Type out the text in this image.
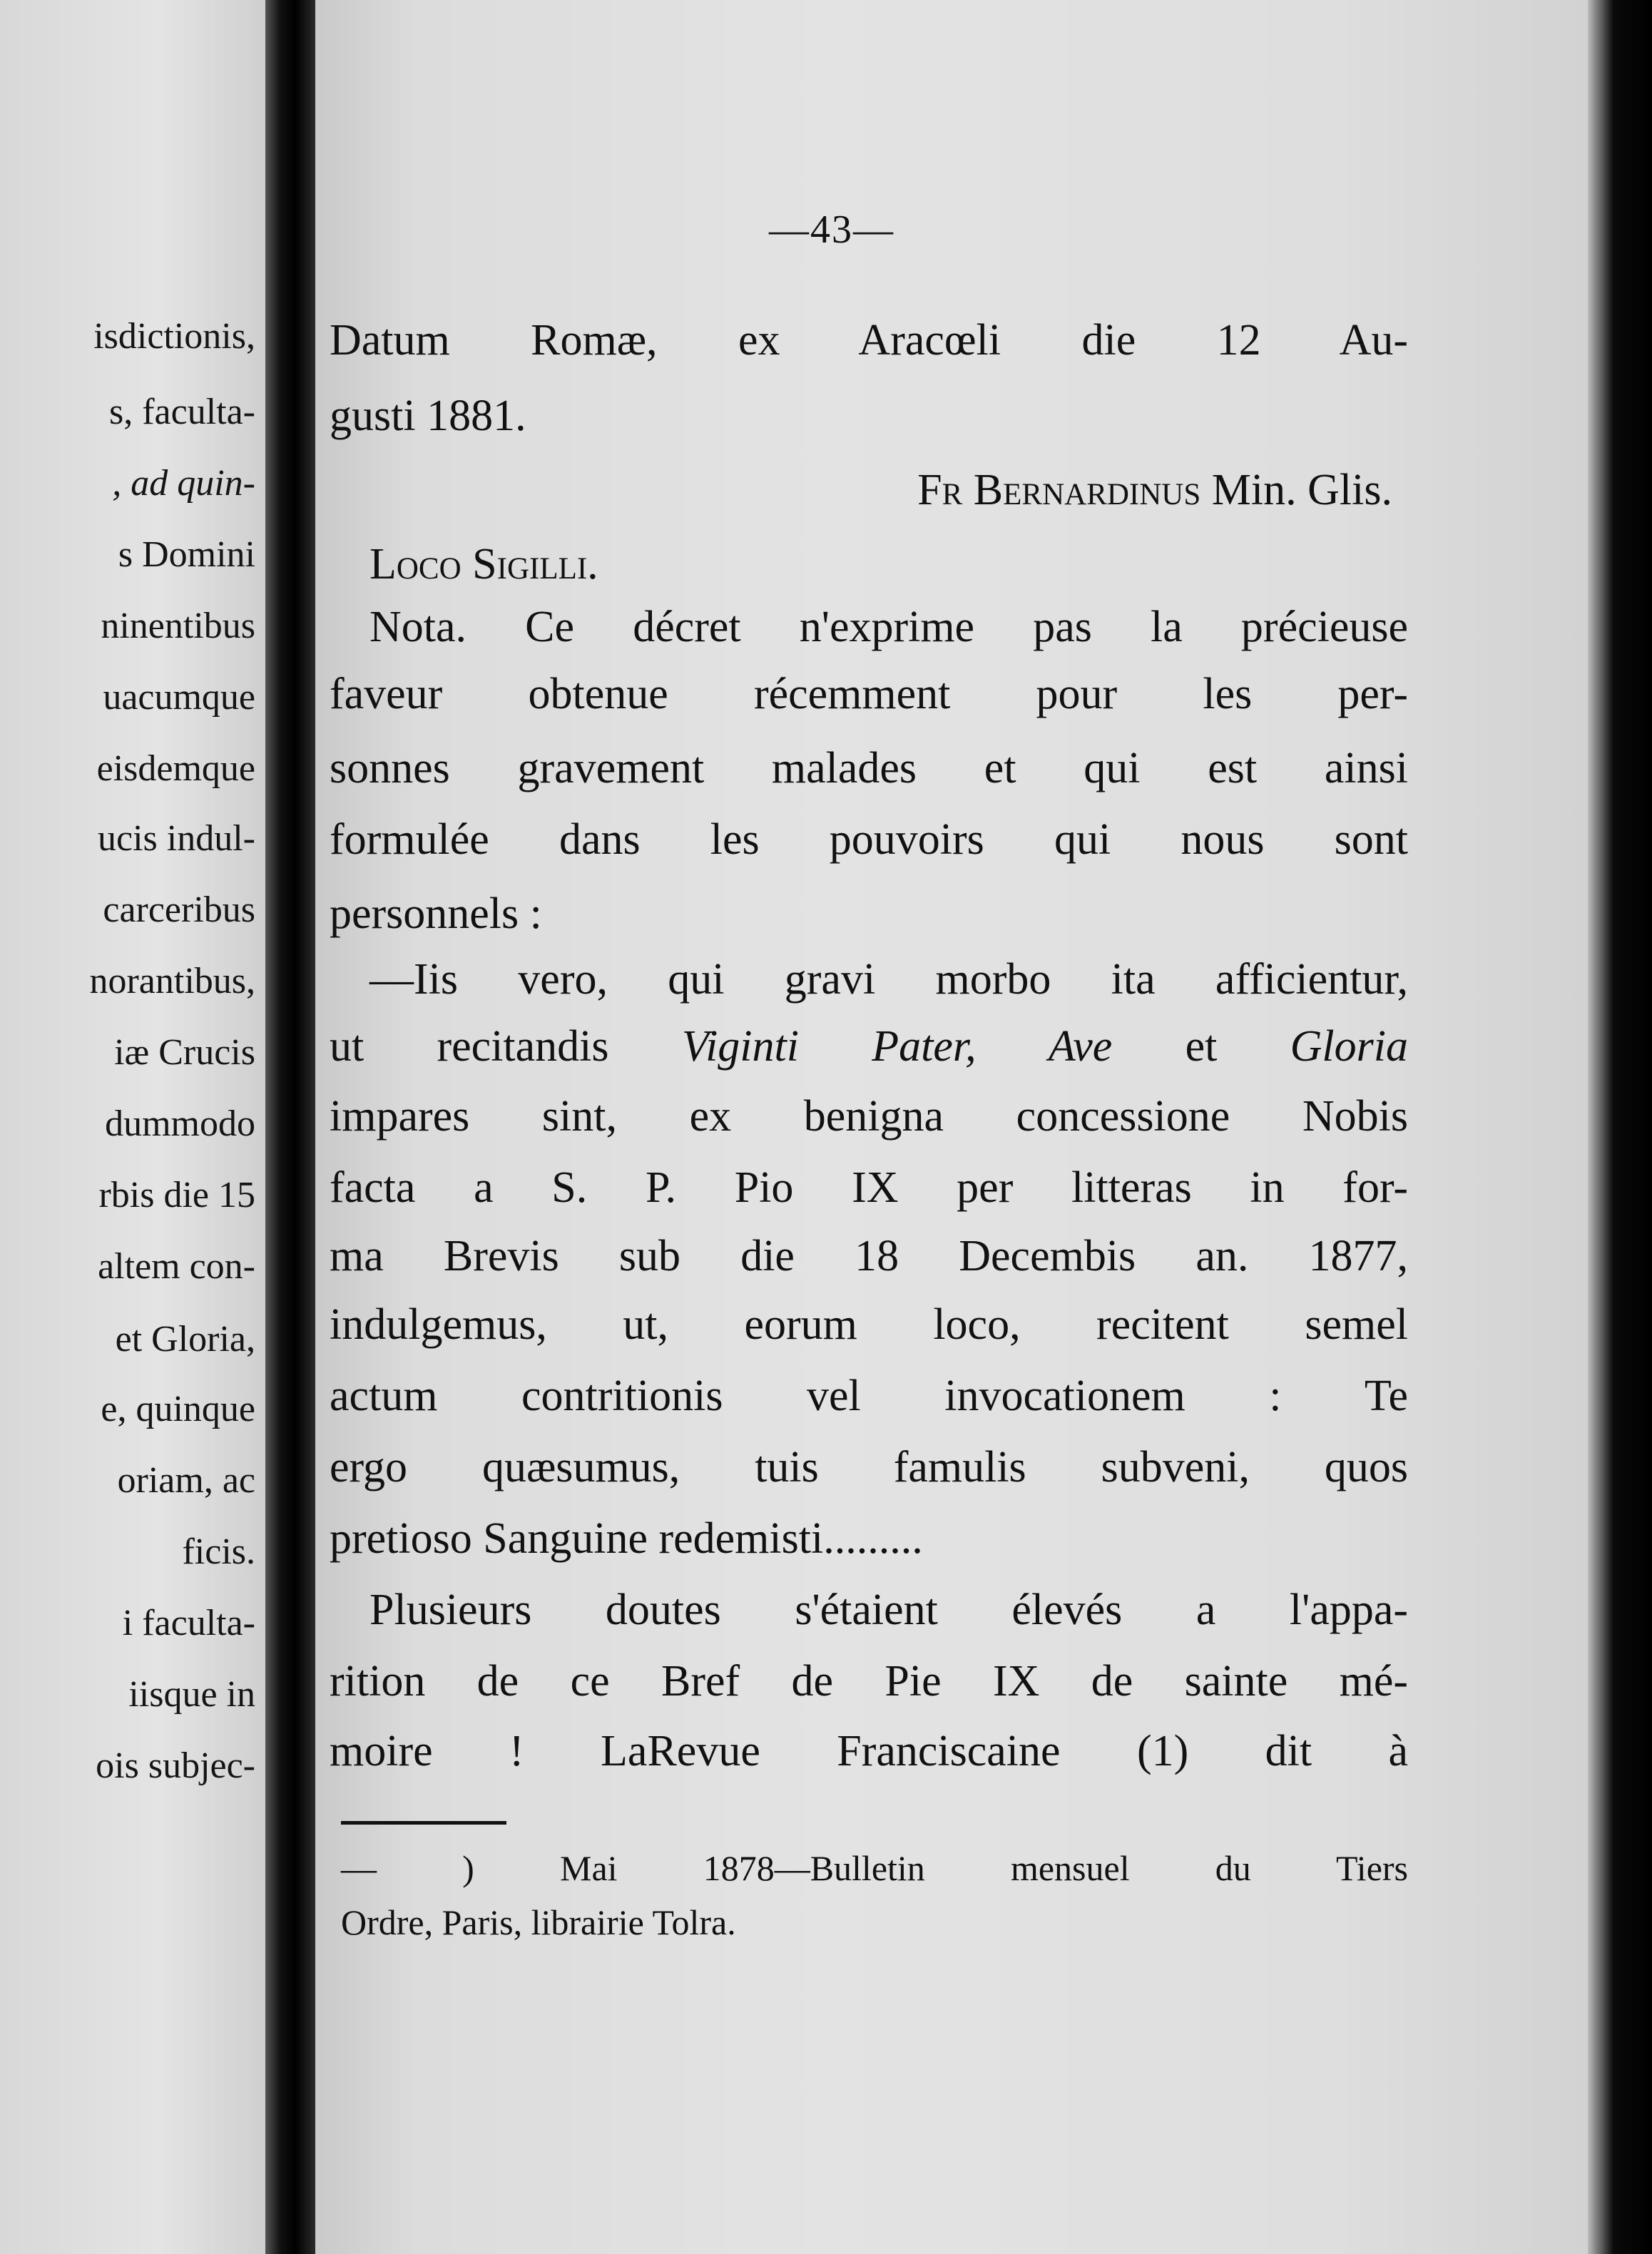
isdictionis,
s, faculta-
, ad quin-
s Domini
ninentibus
uacumque
eisdemque
ucis indul-
carceribus
norantibus,
iæ Crucis
dummodo
rbis die 15
altem con-
et Gloria,
e, quinque
oriam, ac
ficis.
i faculta-
iisque in
ois subjec-
—43—
Datum Romæ, ex Aracœli die 12 Au-
gusti 1881.
Fr Bernardinus Min. Glis.
Loco Sigilli.
Nota. Ce décret n'exprime pas la précieuse
faveur obtenue récemment pour les per-
sonnes gravement malades et qui est ainsi
formulée dans les pouvoirs qui nous sont
personnels :
—Iis vero, qui gravi morbo ita afficientur,
ut recitandis Viginti Pater, Ave et Gloria
impares sint, ex benigna concessione Nobis
facta a S. P. Pio IX per litteras in for-
ma Brevis sub die 18 Decembis an. 1877,
indulgemus, ut, eorum loco, recitent semel
actum contritionis vel invocationem : Te
ergo quæsumus, tuis famulis subveni, quos
pretioso Sanguine redemisti.........
Plusieurs doutes s'étaient élevés a l'appa-
rition de ce Bref de Pie IX de sainte mé-
moire ! LaRevue Franciscaine (1) dit à
— ) Mai 1878—Bulletin mensuel du Tiers
Ordre, Paris, librairie Tolra.
